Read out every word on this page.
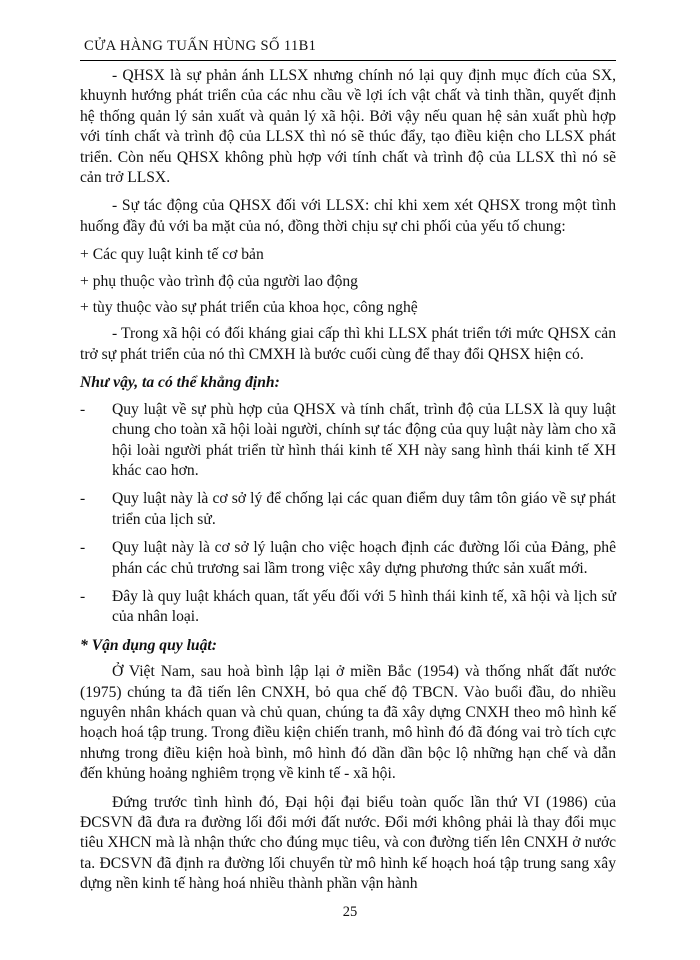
CỬA HÀNG TUẤN HÙNG SỐ 11B1

- QHSX là sự phản ánh LLSX nhưng chính nó lại quy định mục đích của SX, khuynh hướng phát triển của các nhu cầu về lợi ích vật chất và tinh thần, quyết định hệ thống quản lý sản xuất và quản lý xã hội. Bởi vậy nếu quan hệ sản xuất phù hợp với tính chất và trình độ của LLSX thì nó sẽ thúc đẩy, tạo điều kiện cho LLSX phát triển. Còn nếu QHSX không phù hợp với tính chất và trình độ của LLSX thì nó sẽ cản trở LLSX.

- Sự tác động của QHSX đối với LLSX: chỉ khi xem xét QHSX trong một tình huống đầy đủ với ba mặt của nó, đồng thời chịu sự chi phối của yếu tố chung:

+ Các quy luật kinh tế cơ bản

+ phụ thuộc vào trình độ của người lao động

+ tùy thuộc vào sự phát triển của khoa học, công nghệ

- Trong xã hội có đối kháng giai cấp thì khi LLSX phát triển tới mức QHSX cản trở sự phát triển của nó thì CMXH là bước cuối cùng để thay đổi QHSX hiện có.

Như vậy, ta có thể khẳng định:
-	Quy luật về sự phù hợp của QHSX và tính chất, trình độ của LLSX là quy luật chung cho toàn xã hội loài người, chính sự tác động của quy luật này làm cho xã hội loài người phát triển từ hình thái kinh tế XH này sang hình thái kinh tế XH khác cao hơn.
-	Quy luật này là cơ sở lý để chống lại các quan điểm duy tâm tôn giáo về sự phát triển của lịch sử.
-	Quy luật này là cơ sở lý luận cho việc hoạch định các đường lối của Đảng, phê phán các chủ trương sai lầm trong việc xây dựng phương thức sản xuất mới.
-	Đây là quy luật khách quan, tất yếu đối với 5 hình thái kinh tế, xã hội và lịch sử của nhân loại.
* Vận dụng quy luật:

Ở Việt Nam, sau hoà bình lập lại ở miền Bắc (1954) và thống nhất đất nước (1975) chúng ta đã tiến lên CNXH, bỏ qua chế độ TBCN. Vào buổi đầu, do nhiều nguyên nhân khách quan và chủ quan, chúng ta đã xây dựng CNXH theo mô hình kế hoạch hoá tập trung. Trong điều kiện chiến tranh, mô hình đó đã đóng vai trò tích cực nhưng trong điều kiện hoà bình, mô hình đó dần dần bộc lộ những hạn chế và dẫn đến khủng hoảng nghiêm trọng về kinh tế - xã hội.

Đứng trước tình hình đó, Đại hội đại biểu toàn quốc lần thứ VI (1986) của ĐCSVN đã đưa ra đường lối đổi mới đất nước. Đổi mới không phải là thay đổi mục tiêu XHCN mà là nhận thức cho đúng mục tiêu, và con đường tiến lên CNXH ở nước ta. ĐCSVN đã định ra đường lối chuyển từ mô hình kế hoạch hoá tập trung sang xây dựng nền kinh tế hàng hoá nhiều thành phần vận hành

25
